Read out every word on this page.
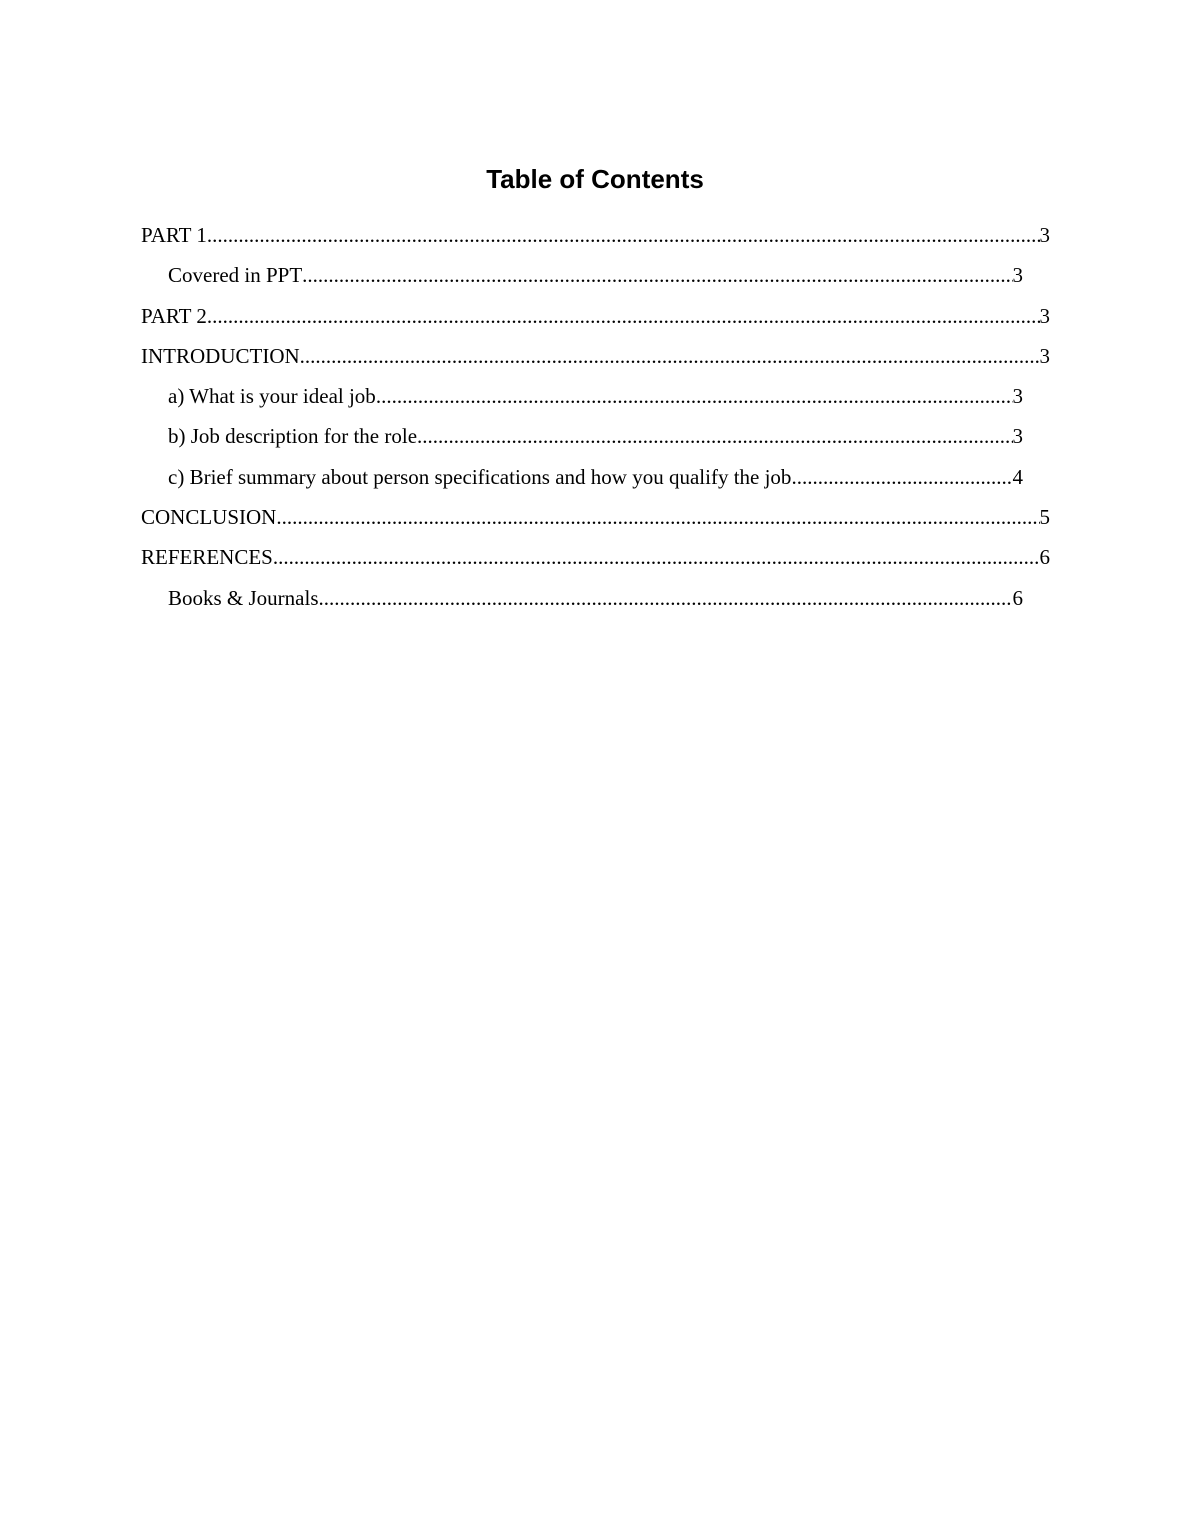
Table of Contents
PART 1 .....	3
Covered in PPT .....	3
PART 2 .....	3
INTRODUCTION .....	3
a) What is your ideal job .....	3
b) Job description for the role .....	3
c) Brief summary about person specifications and how you qualify the job .....	4
CONCLUSION .....	5
REFERENCES .....	6
Books & Journals .....	6
